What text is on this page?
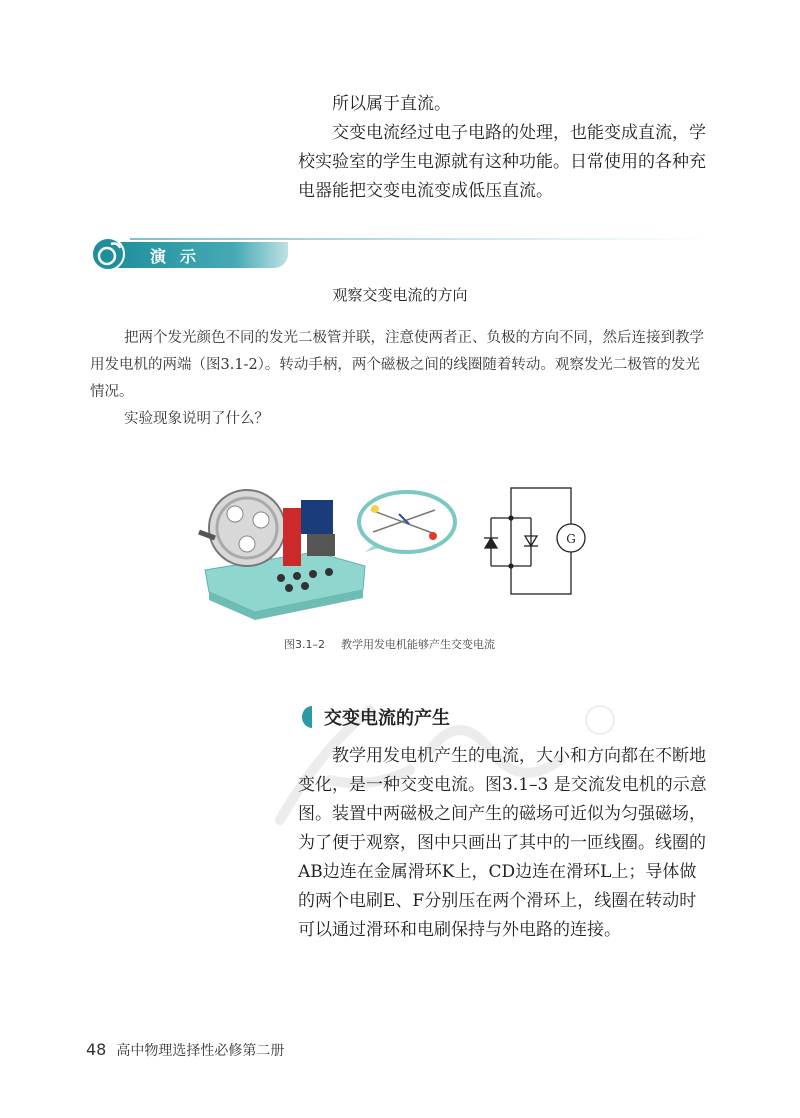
所以属于直流。

交变电流经过电子电路的处理，也能变成直流，学校实验室的学生电源就有这种功能。日常使用的各种充电器能把交变电流变成低压直流。

演示
观察交变电流的方向

把两个发光颜色不同的发光二极管并联，注意使两者正、负极的方向不同，然后连接到教学用发电机的两端（图3.1-2）。转动手柄，两个磁极之间的线圈随着转动。观察发光二极管的发光情况。

实验现象说明了什么？

G
图3.1–2 教学用发电机能够产生交变电流
交变电流的产生

教学用发电机产生的电流，大小和方向都在不断地变化，是一种交变电流。图3.1–3 是交流发电机的示意图。装置中两磁极之间产生的磁场可近似为匀强磁场，为了便于观察，图中只画出了其中的一匝线圈。线圈的AB边连在金属滑环K上，CD边连在滑环L上；导体做的两个电刷E、F分别压在两个滑环上，线圈在转动时可以通过滑环和电刷保持与外电路的连接。

48 高中物理选择性必修第二册
